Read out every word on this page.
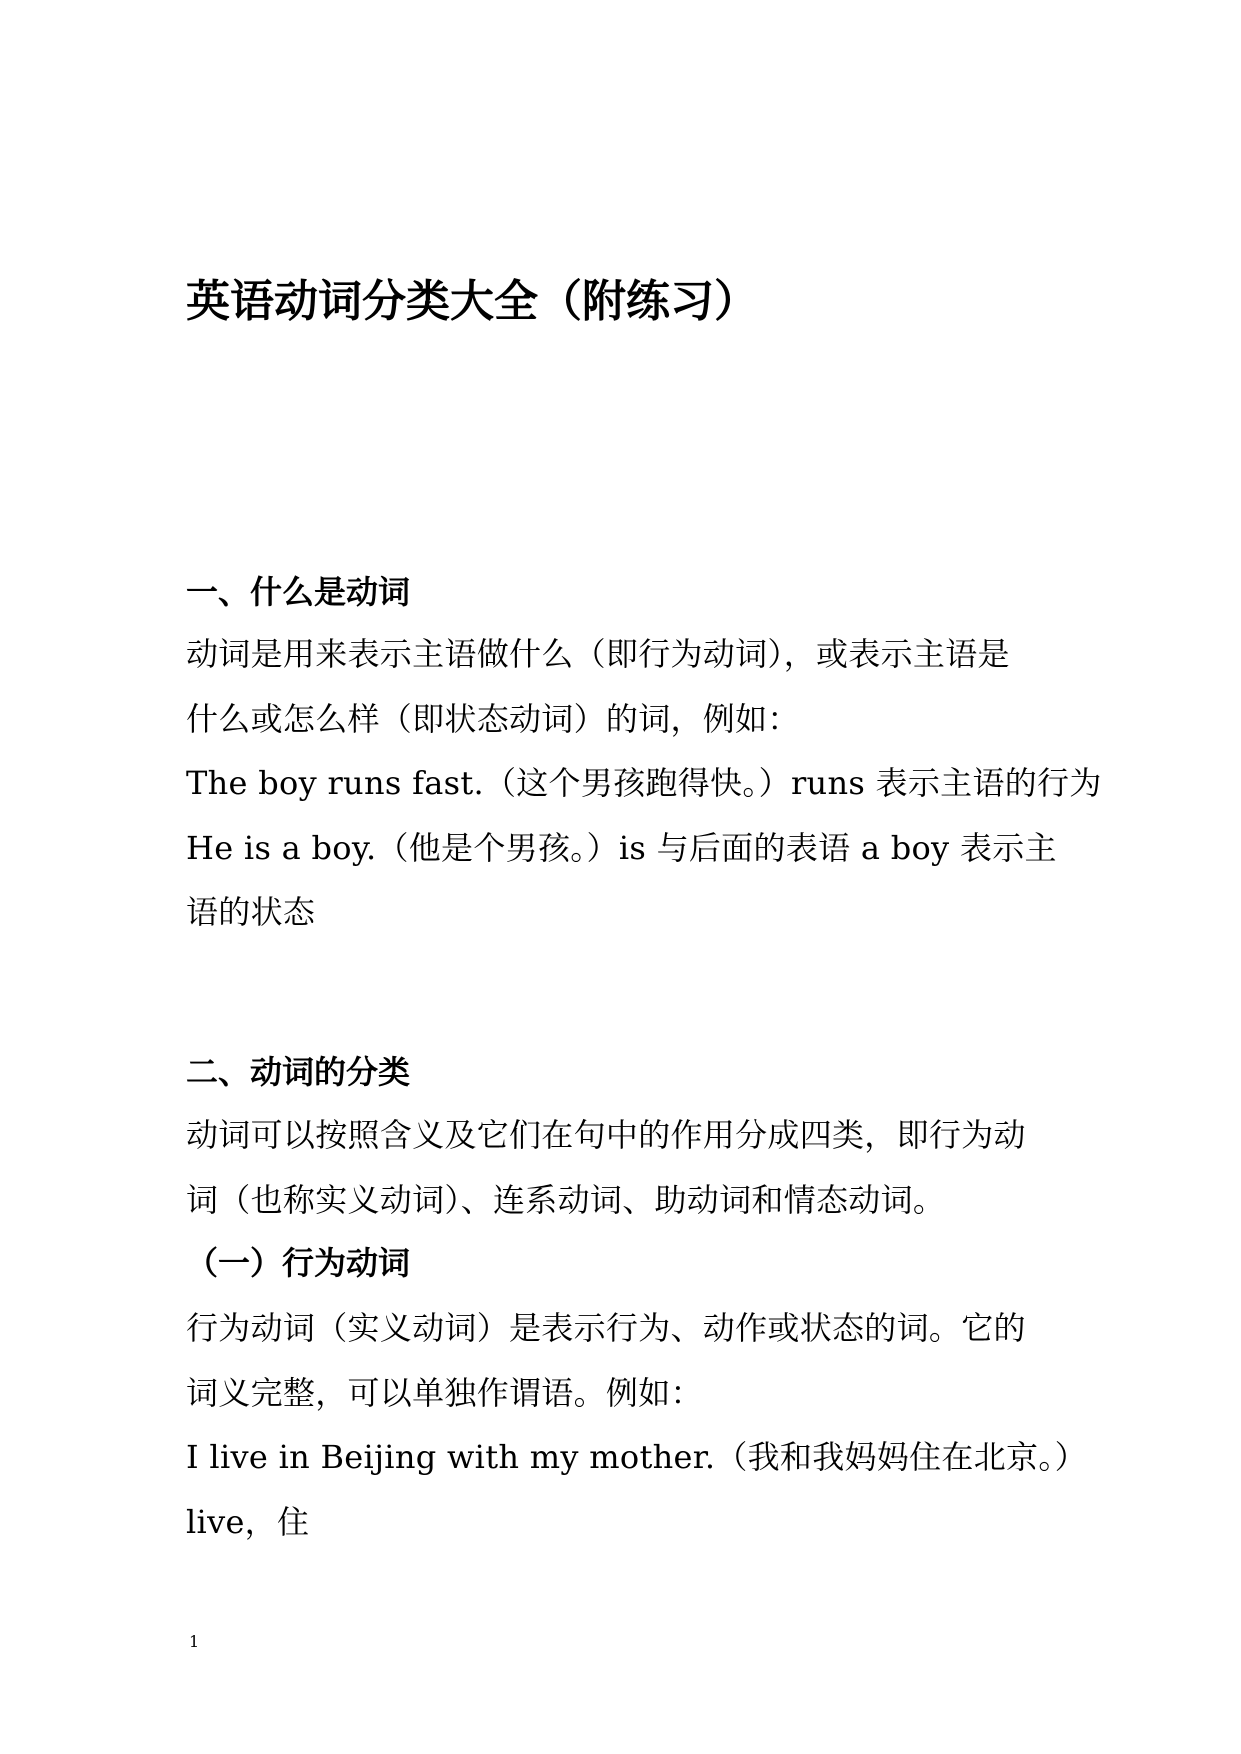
英语动词分类大全（附练习）
一、什么是动词
动词是用来表示主语做什么（即行为动词），或表示主语是
什么或怎么样（即状态动词）的词，例如：
The boy runs fast.（这个男孩跑得快。）runs 表示主语的行为
He is a boy.（他是个男孩。）is 与后面的表语 a boy 表示主
语的状态
二、动词的分类
动词可以按照含义及它们在句中的作用分成四类，即行为动
词（也称实义动词）、连系动词、助动词和情态动词。
（一）行为动词
行为动词（实义动词）是表示行为、动作或状态的词。它的
词义完整，可以单独作谓语。例如：
I live in Beijing with my mother.（我和我妈妈住在北京。）
live，住
1
